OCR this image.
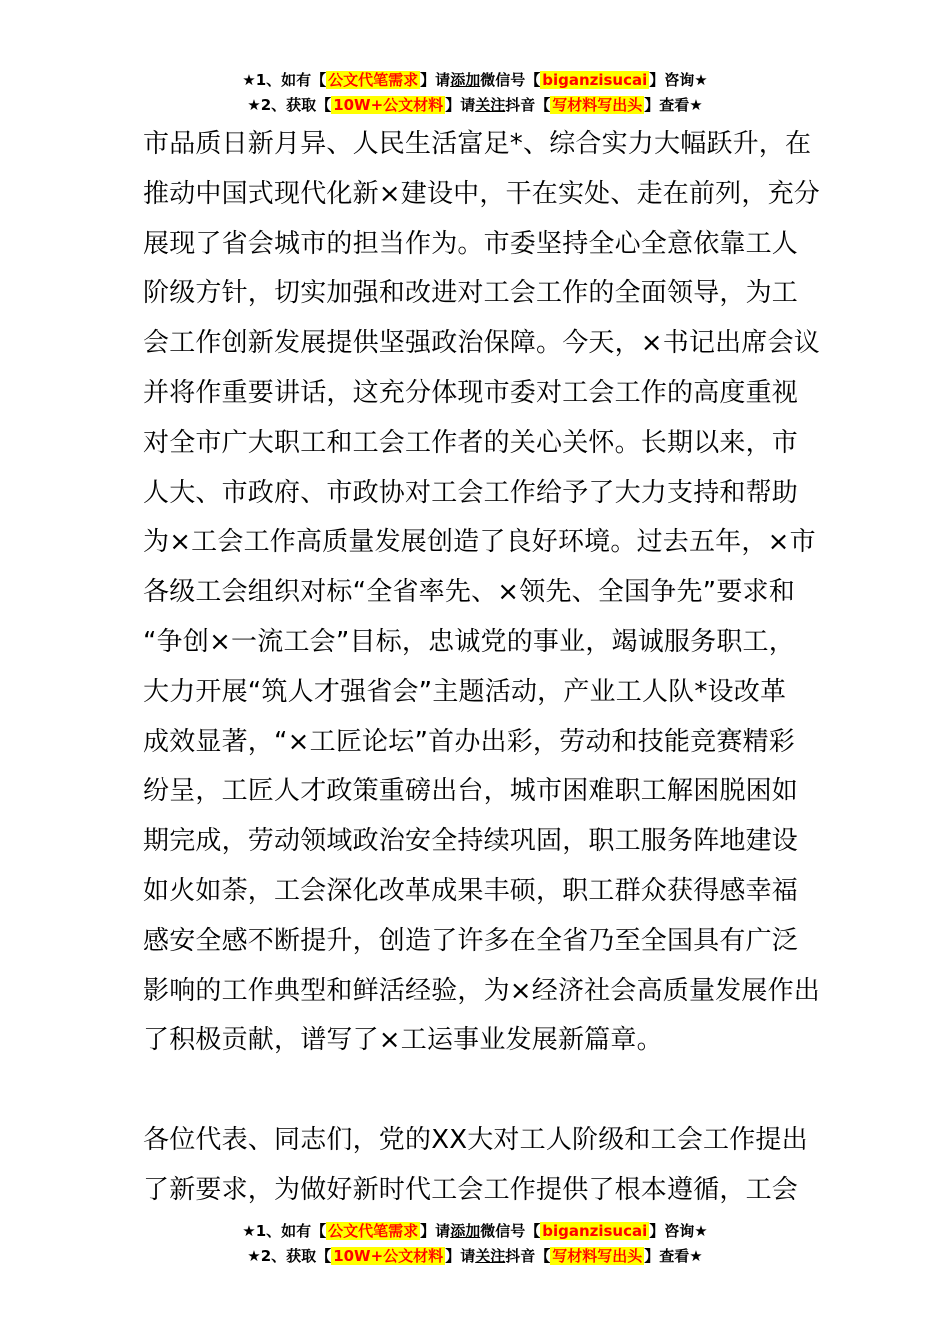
★1、如有【 公文代笔需求 】请添加微信号【 biganzisucai 】咨询★
★2、获取【 10W+公文材料 】请关注抖音【 写材料写出头 】查看★
市品质日新月异、人民生活富足*、综合实力大幅跃升，在
推动中国式现代化新×建设中，干在实处、走在前列，充分
展现了省会城市的担当作为。市委坚持全心全意依靠工人
阶级方针，切实加强和改进对工会工作的全面领导，为工
会工作创新发展提供坚强政治保障。今天，×书记出席会议
并将作重要讲话，这充分体现市委对工会工作的高度重视
对全市广大职工和工会工作者的关心关怀。长期以来，市
人大、市政府、市政协对工会工作给予了大力支持和帮助
为×工会工作高质量发展创造了良好环境。过去五年，×市
各级工会组织对标“全省率先、×领先、全国争先”要求和
“争创×一流工会”目标，忠诚党的事业，竭诚服务职工，
大力开展“筑人才强省会”主题活动，产业工人队*设改革
成效显著，“×工匠论坛”首办出彩，劳动和技能竞赛精彩
纷呈，工匠人才政策重磅出台，城市困难职工解困脱困如
期完成，劳动领域政治安全持续巩固，职工服务阵地建设
如火如荼，工会深化改革成果丰硕，职工群众获得感幸福
感安全感不断提升，创造了许多在全省乃至全国具有广泛
影响的工作典型和鲜活经验，为×经济社会高质量发展作出
了积极贡献，谱写了×工运事业发展新篇章。
各位代表、同志们，党的XX大对工人阶级和工会工作提出
了新要求，为做好新时代工会工作提供了根本遵循，工会
★1、如有【 公文代笔需求 】请添加微信号【 biganzisucai 】咨询★
★2、获取【 10W+公文材料 】请关注抖音【 写材料写出头 】查看★
